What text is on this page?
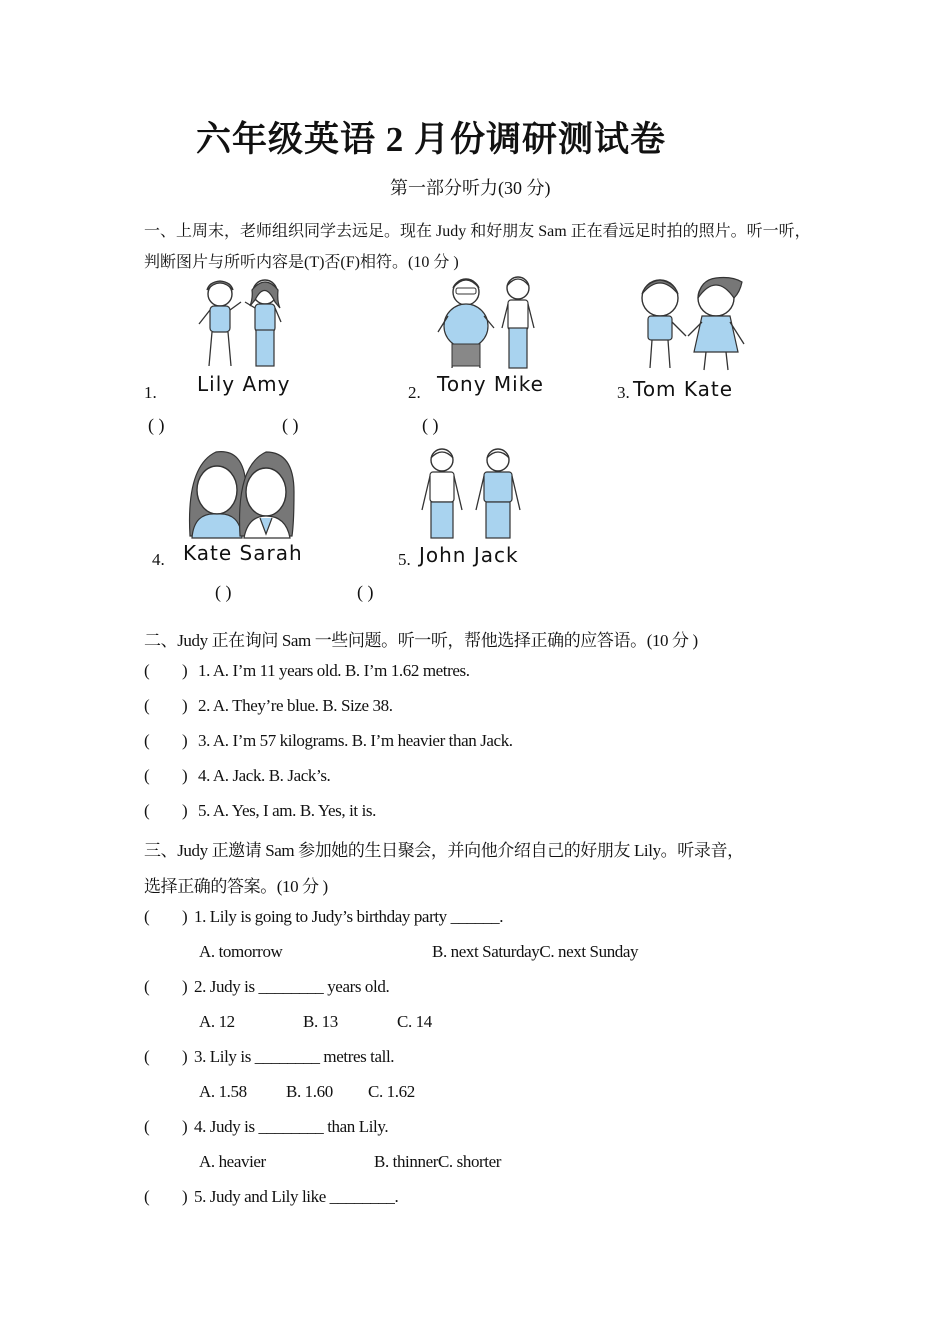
六年级英语 2 月份调研测试卷
第一部分听力(30 分)
一、上周末，老师组织同学去远足。现在 Judy 和好朋友 Sam 正在看远足时拍的照片。听一听，
判断图片与所听内容是(T)否(F)相符。(10 分 )
1. Lily Amy	2. Tony Mike	3. Tom Kate
( )	( )	( )
4. Kate Sarah	5. John Jack
( )	( )
二、Judy 正在询问 Sam 一些问题。听一听，帮他选择正确的应答语。(10 分 )
(	1. A. I’m 11 years old. B. I’m 1.62 metres.
)
(	2. A. They’re blue. B. Size 38.
)
(	3. A. I’m 57 kilograms. B. I’m heavier than Jack.
)
(	4. A. Jack. B. Jack’s.
)
(	5. A. Yes, I am. B. Yes, it is.
)
三、Judy 正邀请 Sam 参加她的生日聚会，并向他介绍自己的好朋友 Lily。听录音，
选择正确的答案。(10 分 )
( ) 1. Lily is going to Judy’s birthday party ______.
A. tomorrow	B. next SaturdayC. next Sunday
( ) 2. Judy is ________ years old.
A. 12	B. 13	C. 14
( ) 3. Lily is ________ metres tall.
A. 1.58 B. 1.60 C. 1.62
( ) 4. Judy is ________ than Lily.
A. heavier	B. thinnerC. shorter
( ) 5. Judy and Lily like ________.
